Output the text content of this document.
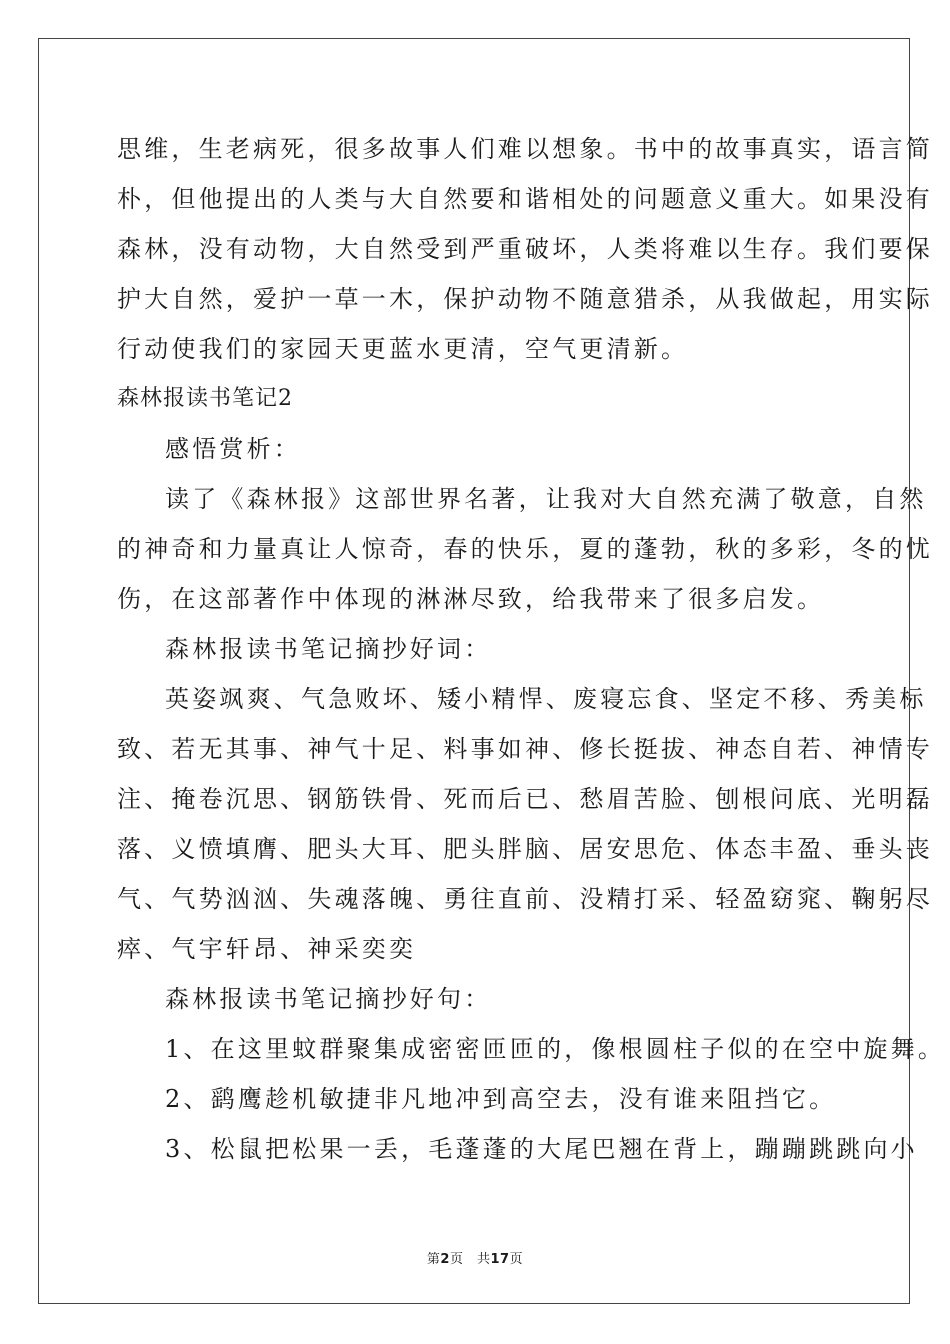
思维，生老病死，很多故事人们难以想象。书中的故事真实，语言简
朴，但他提出的人类与大自然要和谐相处的问题意义重大。如果没有
森林，没有动物，大自然受到严重破坏，人类将难以生存。我们要保
护大自然，爱护一草一木，保护动物不随意猎杀，从我做起，用实际
行动使我们的家园天更蓝水更清，空气更清新。
森林报读书笔记2
感悟赏析：
读了《森林报》这部世界名著，让我对大自然充满了敬意，自然
的神奇和力量真让人惊奇，春的快乐，夏的蓬勃，秋的多彩，冬的忧
伤，在这部著作中体现的淋淋尽致，给我带来了很多启发。
森林报读书笔记摘抄好词：
英姿飒爽、气急败坏、矮小精悍、废寝忘食、坚定不移、秀美标
致、若无其事、神气十足、料事如神、修长挺拔、神态自若、神情专
注、掩卷沉思、钢筋铁骨、死而后已、愁眉苦脸、刨根问底、光明磊
落、义愤填膺、肥头大耳、肥头胖脑、居安思危、体态丰盈、垂头丧
气、气势汹汹、失魂落魄、勇往直前、没精打采、轻盈窈窕、鞠躬尽
瘁、气宇轩昂、神采奕奕
森林报读书笔记摘抄好句：
1、在这里蚊群聚集成密密匝匝的，像根圆柱子似的在空中旋舞。
2、鹞鹰趁机敏捷非凡地冲到高空去，没有谁来阻挡它。
3、松鼠把松果一丢，毛蓬蓬的大尾巴翘在背上，蹦蹦跳跳向小
第2页　共17页
